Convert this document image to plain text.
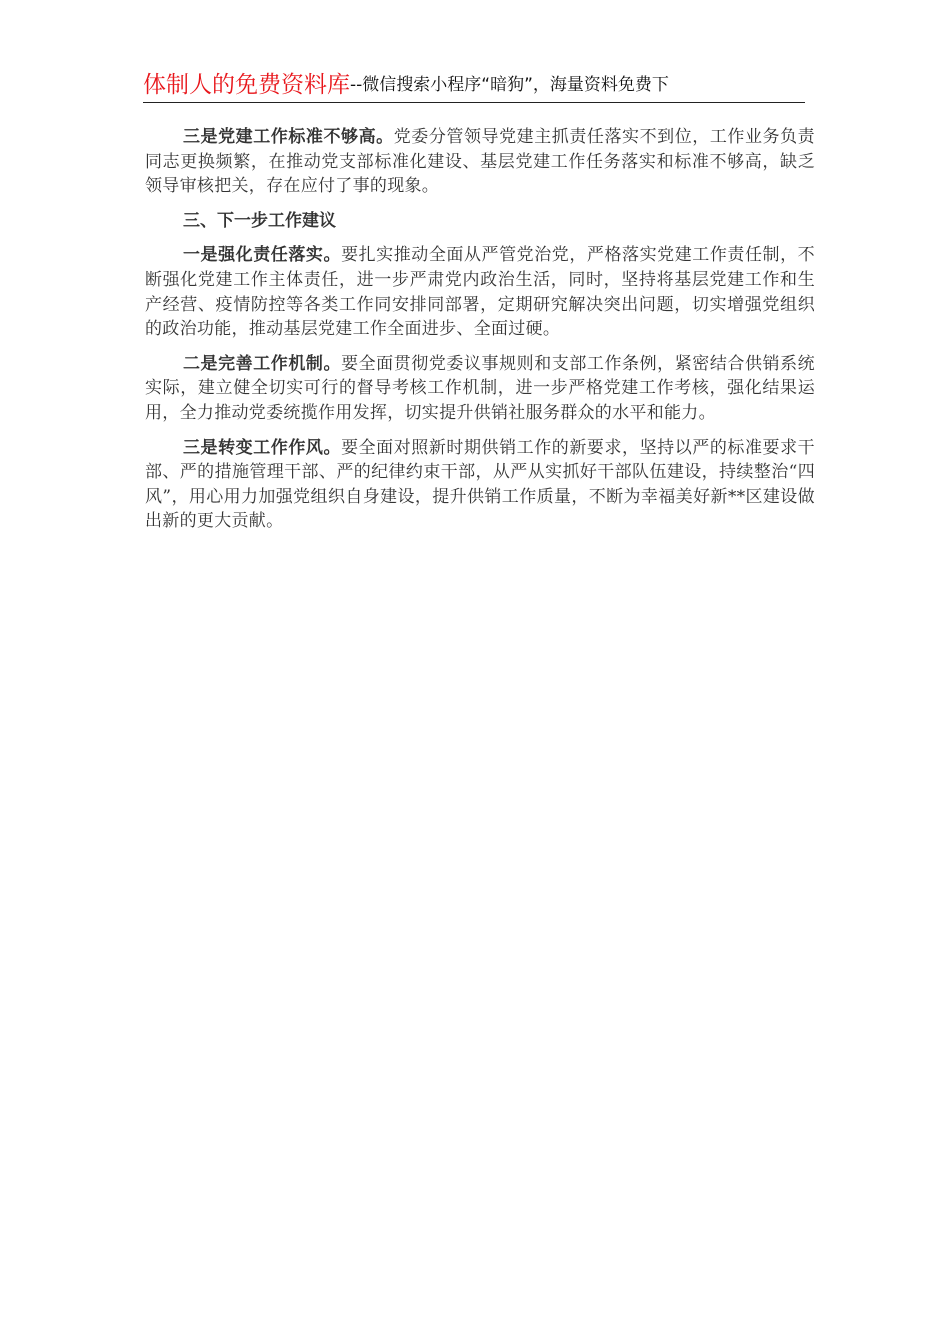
体制人的免费资料库--微信搜索小程序“暗狗”，海量资料免费下

三是党建工作标准不够高。党委分管领导党建主抓责任落实不到位，工作业务负责同志更换频繁，在推动党支部标准化建设、基层党建工作任务落实和标准不够高，缺乏领导审核把关，存在应付了事的现象。

三、下一步工作建议

一是强化责任落实。要扎实推动全面从严管党治党，严格落实党建工作责任制，不断强化党建工作主体责任，进一步严肃党内政治生活，同时，坚持将基层党建工作和生产经营、疫情防控等各类工作同安排同部署，定期研究解决突出问题，切实增强党组织的政治功能，推动基层党建工作全面进步、全面过硬。

二是完善工作机制。要全面贯彻党委议事规则和支部工作条例，紧密结合供销系统实际，建立健全切实可行的督导考核工作机制，进一步严格党建工作考核，强化结果运用，全力推动党委统揽作用发挥，切实提升供销社服务群众的水平和能力。

三是转变工作作风。要全面对照新时期供销工作的新要求，坚持以严的标准要求干部、严的措施管理干部、严的纪律约束干部，从严从实抓好干部队伍建设，持续整治“四风”，用心用力加强党组织自身建设，提升供销工作质量，不断为幸福美好新**区建设做出新的更大贡献。
